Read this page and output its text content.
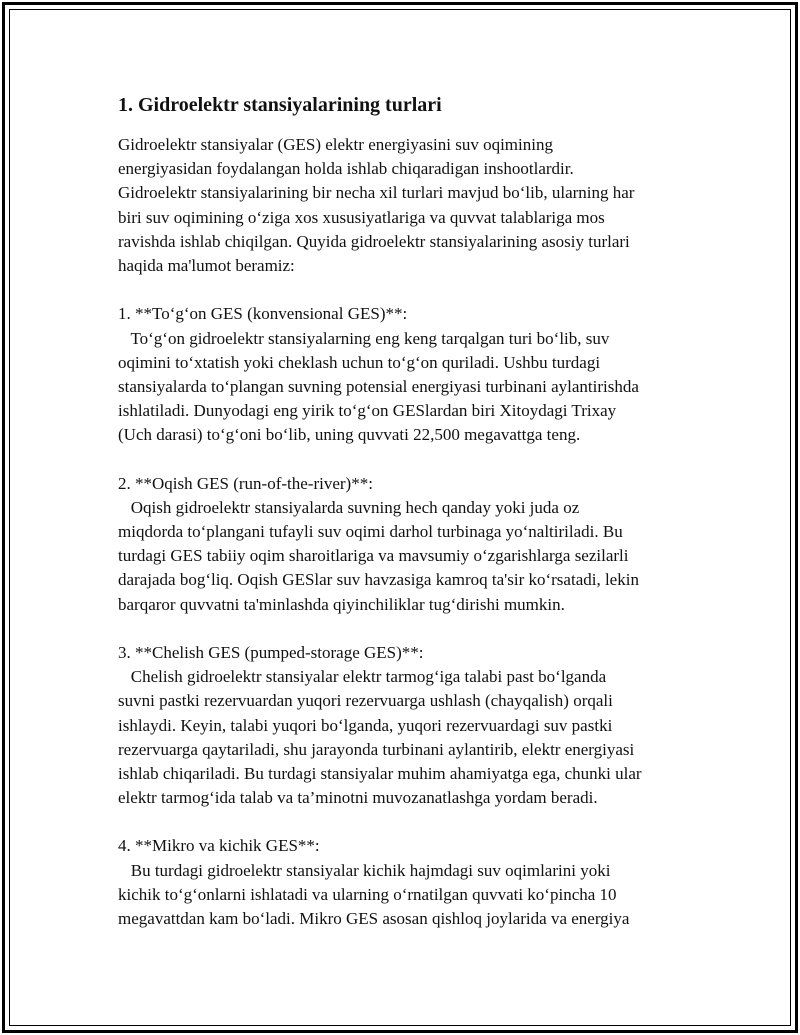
1. Gidroelektr stansiyalarining turlari
Gidroelektr stansiyalar (GES) elektr energiyasini suv oqimining
energiyasidan foydalangan holda ishlab chiqaradigan inshootlardir.
Gidroelektr stansiyalarining bir necha xil turlari mavjud bo‘lib, ularning har
biri suv oqimining o‘ziga xos xususiyatlariga va quvvat talablariga mos
ravishda ishlab chiqilgan. Quyida gidroelektr stansiyalarining asosiy turlari
haqida ma'lumot beramiz:
1. **To‘g‘on GES (konvensional GES)**:
To‘g‘on gidroelektr stansiyalarning eng keng tarqalgan turi bo‘lib, suv
oqimini to‘xtatish yoki cheklash uchun to‘g‘on quriladi. Ushbu turdagi
stansiyalarda to‘plangan suvning potensial energiyasi turbinani aylantirishda
ishlatiladi. Dunyodagi eng yirik to‘g‘on GESlardan biri Xitoydagi Trixay
(Uch darasi) to‘g‘oni bo‘lib, uning quvvati 22,500 megavattga teng.
2. **Oqish GES (run-of-the-river)**:
Oqish gidroelektr stansiyalarda suvning hech qanday yoki juda oz
miqdorda to‘plangani tufayli suv oqimi darhol turbinaga yo‘naltiriladi. Bu
turdagi GES tabiiy oqim sharoitlariga va mavsumiy o‘zgarishlarga sezilarli
darajada bog‘liq. Oqish GESlar suv havzasiga kamroq ta'sir ko‘rsatadi, lekin
barqaror quvvatni ta'minlashda qiyinchiliklar tug‘dirishi mumkin.
3. **Chelish GES (pumped-storage GES)**:
Chelish gidroelektr stansiyalar elektr tarmog‘iga talabi past bo‘lganda
suvni pastki rezervuardan yuqori rezervuarga ushlash (chayqalish) orqali
ishlaydi. Keyin, talabi yuqori bo‘lganda, yuqori rezervuardagi suv pastki
rezervuarga qaytariladi, shu jarayonda turbinani aylantirib, elektr energiyasi
ishlab chiqariladi. Bu turdagi stansiyalar muhim ahamiyatga ega, chunki ular
elektr tarmog‘ida talab va ta’minotni muvozanatlashga yordam beradi.
4. **Mikro va kichik GES**:
Bu turdagi gidroelektr stansiyalar kichik hajmdagi suv oqimlarini yoki
kichik to‘g‘onlarni ishlatadi va ularning o‘rnatilgan quvvati ko‘pincha 10
megavattdan kam bo‘ladi. Mikro GES asosan qishloq joylarida va energiya
